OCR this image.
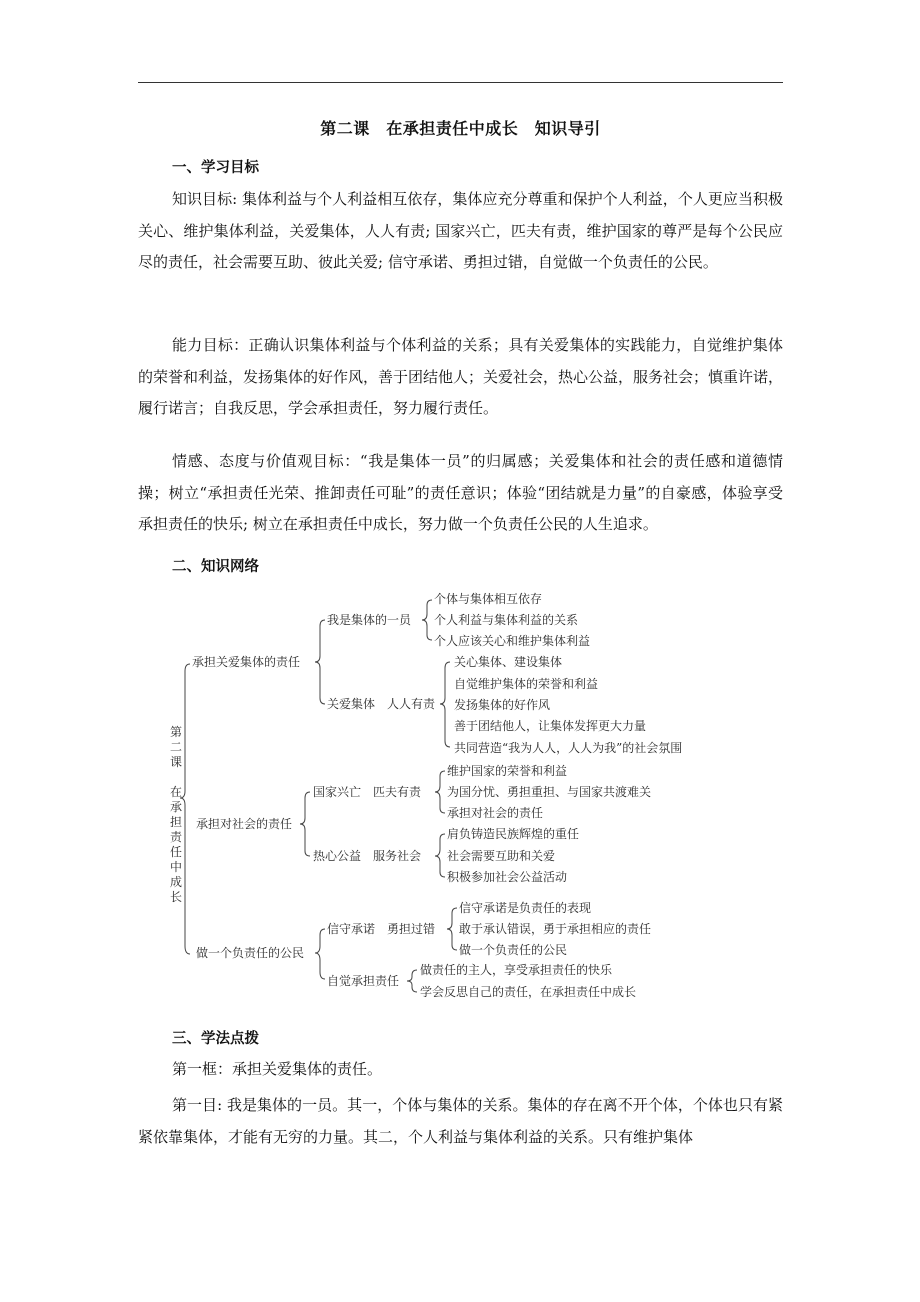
第二课　在承担责任中成长　知识导引
一、学习目标
知识目标: 集体利益与个人利益相互依存，集体应充分尊重和保护个人利益，个人更应当积极关心、维护集体利益，关爱集体，人人有责; 国家兴亡，匹夫有责，维护国家的尊严是每个公民应尽的责任，社会需要互助、彼此关爱; 信守承诺、勇担过错，自觉做一个负责任的公民。
能力目标：正确认识集体利益与个体利益的关系；具有关爱集体的实践能力，自觉维护集体的荣誉和利益，发扬集体的好作风，善于团结他人；关爱社会，热心公益，服务社会；慎重许诺，履行诺言；自我反思，学会承担责任，努力履行责任。
情感、态度与价值观目标：“我是集体一员”的归属感；关爱集体和社会的责任感和道德情操；树立“承担责任光荣、推卸责任可耻”的责任意识；体验“团结就是力量”的自豪感，体验享受承担责任的快乐; 树立在承担责任中成长，努力做一个负责任公民的人生追求。
二、知识网络
第
二
课
在
承
担
责
任
中
成
长
承担关爱集体的责任
我是集体的一员
个体与集体相互依存
个人利益与集体利益的关系
个人应该关心和维护集体利益
关爱集体　人人有责
关心集体、建设集体
自觉维护集体的荣誉和利益
发扬集体的好作风
善于团结他人，让集体发挥更大力量
共同营造“我为人人，人人为我”的社会氛围
承担对社会的责任
国家兴亡　匹夫有责
维护国家的荣誉和利益
为国分忧、勇担重担、与国家共渡难关
承担对社会的责任
热心公益　服务社会
肩负铸造民族辉煌的重任
社会需要互助和关爱
积极参加社会公益活动
做一个负责任的公民
信守承诺　勇担过错
信守承诺是负责任的表现
敢于承认错误，勇于承担相应的责任
做一个负责任的公民
自觉承担责任
做责任的主人，享受承担责任的快乐
学会反思自己的责任，在承担责任中成长
三、学法点拨
第一框：承担关爱集体的责任。
第一目: 我是集体的一员。其一，个体与集体的关系。集体的存在离不开个体，个体也只有紧紧依靠集体，才能有无穷的力量。其二，个人利益与集体利益的关系。只有维护集体
